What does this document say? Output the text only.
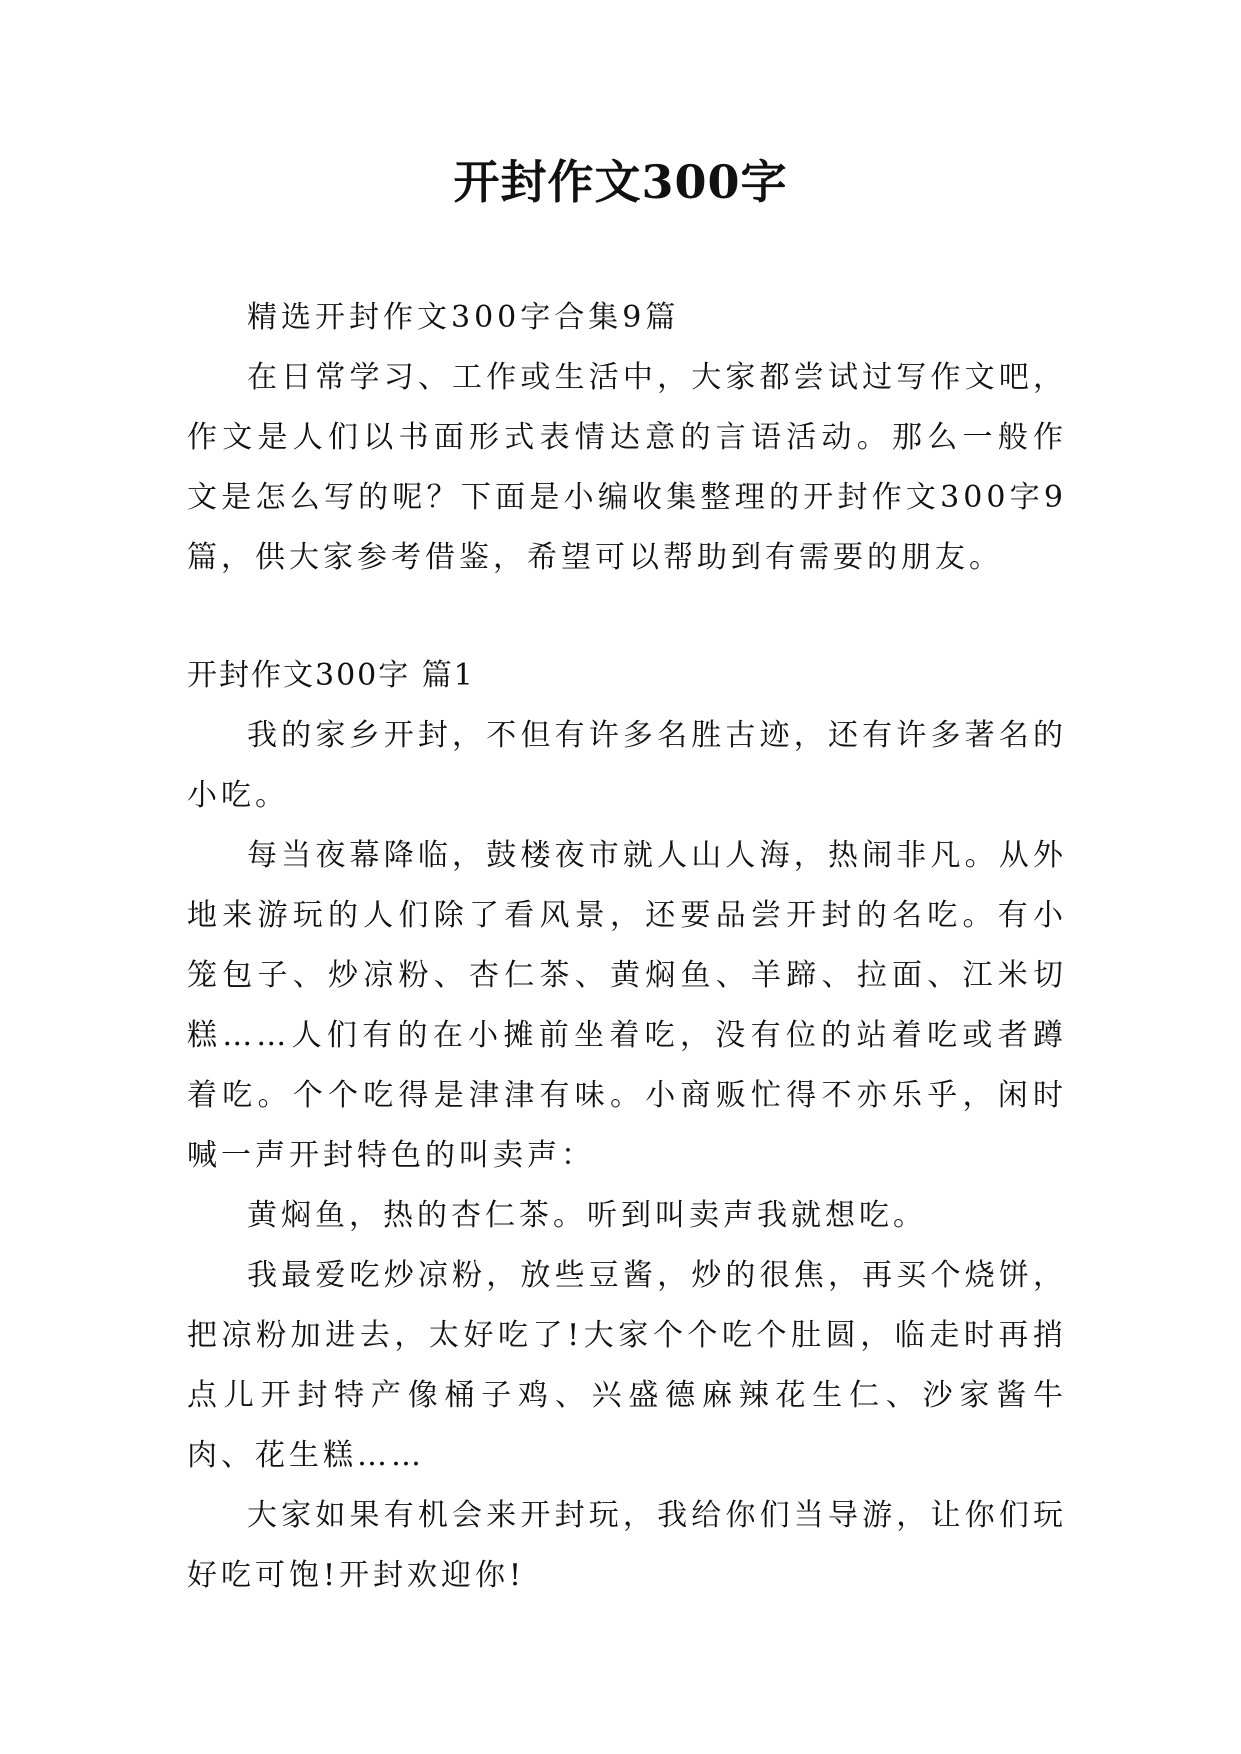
开封作文300字

精选开封作文300字合集9篇

在日常学习、工作或生活中，大家都尝试过写作文吧，作文是人们以书面形式表情达意的言语活动。那么一般作文是怎么写的呢？下面是小编收集整理的开封作文300字9篇，供大家参考借鉴，希望可以帮助到有需要的朋友。

开封作文300字 篇1

我的家乡开封，不但有许多名胜古迹，还有许多著名的小吃。

每当夜幕降临，鼓楼夜市就人山人海，热闹非凡。从外地来游玩的人们除了看风景，还要品尝开封的名吃。有小笼包子、炒凉粉、杏仁茶、黄焖鱼、羊蹄、拉面、江米切糕……人们有的在小摊前坐着吃，没有位的站着吃或者蹲着吃。个个吃得是津津有味。小商贩忙得不亦乐乎，闲时喊一声开封特色的叫卖声：

黄焖鱼，热的杏仁茶。听到叫卖声我就想吃。

我最爱吃炒凉粉，放些豆酱，炒的很焦，再买个烧饼，把凉粉加进去，太好吃了!大家个个吃个肚圆，临走时再捎点儿开封特产像桶子鸡、兴盛德麻辣花生仁、沙家酱牛肉、花生糕……

大家如果有机会来开封玩，我给你们当导游，让你们玩好吃可饱!开封欢迎你!
